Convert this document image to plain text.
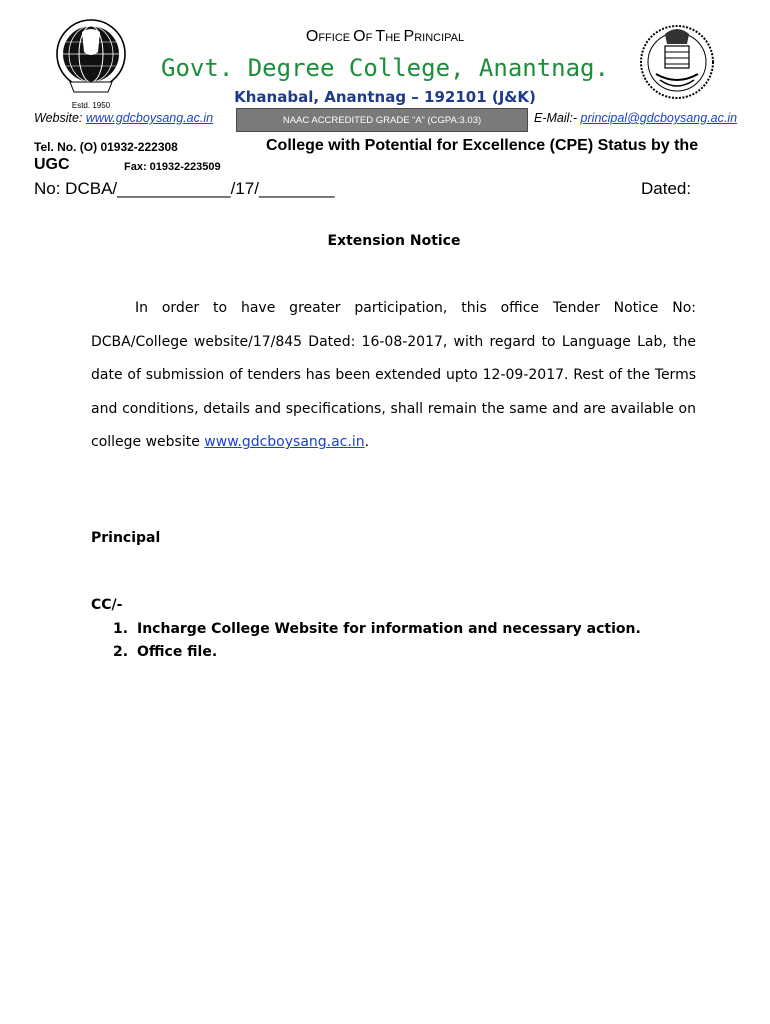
Estd. 1950
OFFICE OF THE PRINCIPAL
Govt. Degree College, Anantnag.
Khanabal, Anantnag – 192101 (J&K)
Website: www.gdcboysang.ac.in	NAAC ACCREDITED GRADE “A” (CGPA:3.03)	E-Mail:- principal@gdcboysang.ac.in
Tel. No. (O) 01932-222308	College with Potential for Excellence (CPE) Status by the
UGC	Fax: 01932-223509
No: DCBA/____________/17/________	Dated:
Extension Notice
In order to have greater participation, this office Tender Notice No: DCBA/College website/17/845 Dated: 16-08-2017, with regard to Language Lab, the date of submission of tenders has been extended upto 12-09-2017. Rest of the Terms and conditions, details and specifications, shall remain the same and are available on college website www.gdcboysang.ac.in.
Principal
CC/-
1. Incharge College Website for information and necessary action.
2. Office file.
